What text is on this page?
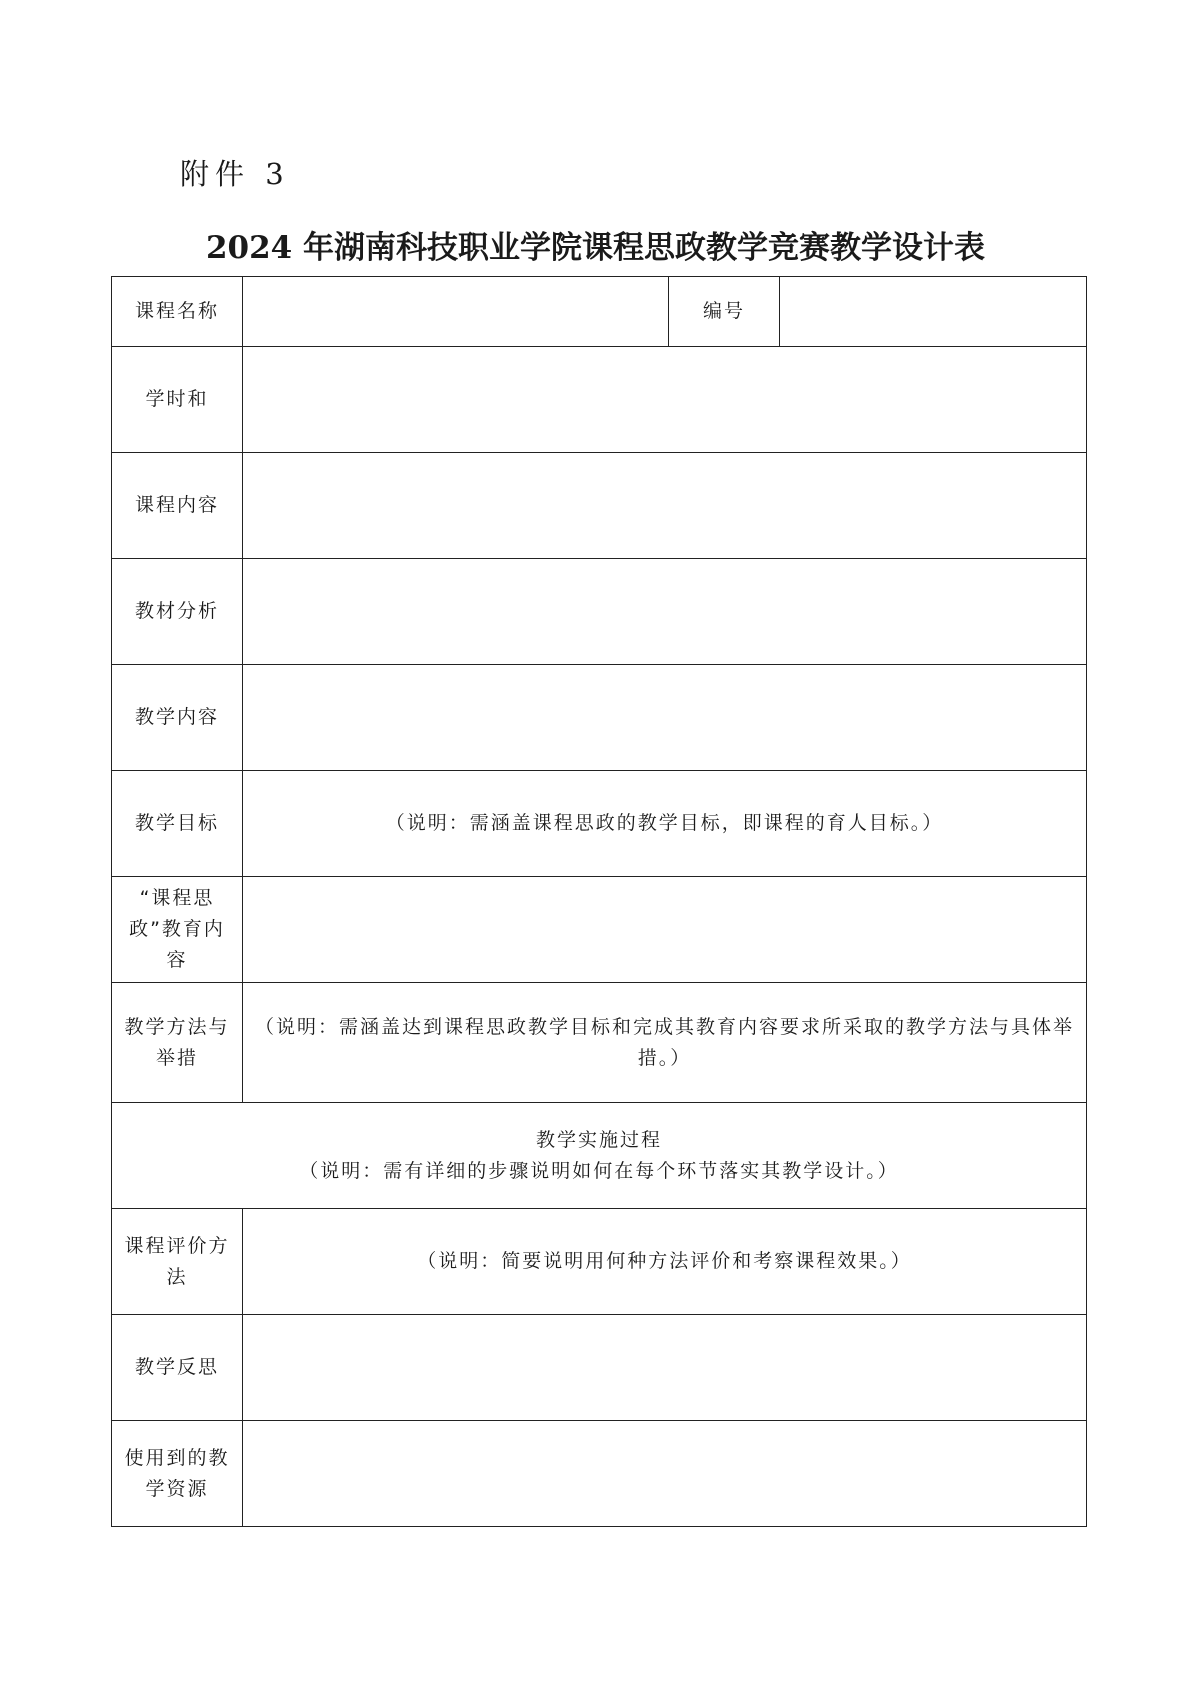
附件 3
2024 年湖南科技职业学院课程思政教学竞赛教学设计表
课程名称		编号	
学时和			
课程内容			
教材分析			
教学内容			
教学目标	（说明：需涵盖课程思政的教学目标，即课程的育人目标。）		
“课程思政”教育内容			
教学方法与举措	（说明：需涵盖达到课程思政教学目标和完成其教育内容要求所采取的教学方法与具体举措。）		

教学实施过程
（说明：需有详细的步骤说明如何在每个环节落实其教学设计。）			

课程评价方法	（说明：简要说明用何种方法评价和考察课程效果。）		
教学反思			
使用到的教学资源			
